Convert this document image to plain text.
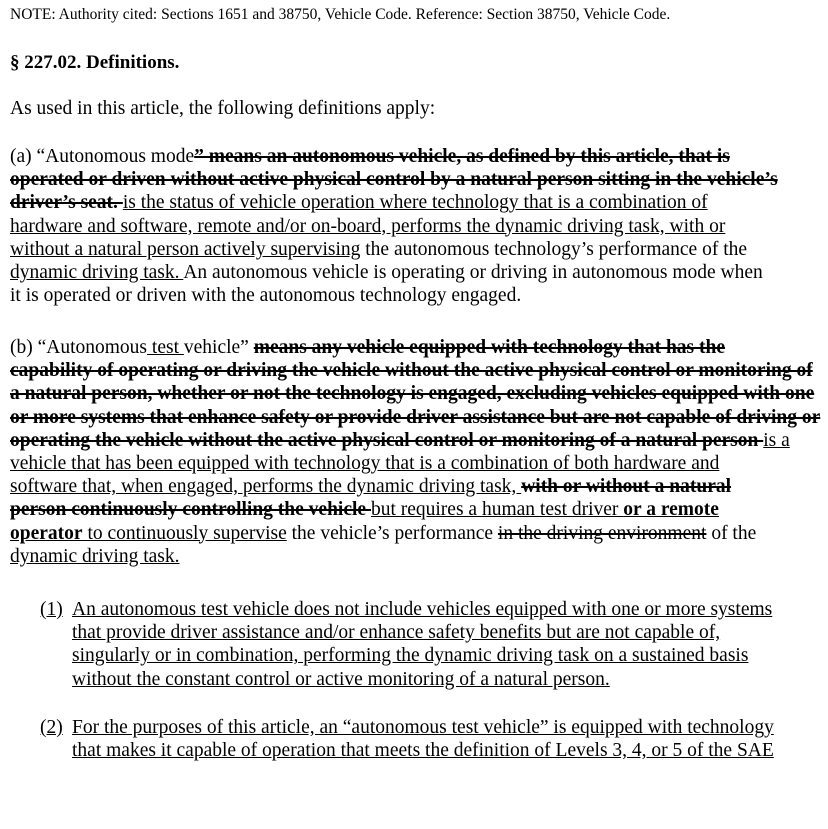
NOTE: Authority cited: Sections 1651 and 38750, Vehicle Code. Reference: Section 38750, Vehicle Code.
§ 227.02. Definitions.
As used in this article, the following definitions apply:
(a) “Autonomous mode” means an autonomous vehicle, as defined by this article, that is
operated or driven without active physical control by a natural person sitting in the vehicle’s
driver’s seat. is the status of vehicle operation where technology that is a combination of
hardware and software, remote and/or on-board, performs the dynamic driving task, with or
without a natural person actively supervising the autonomous technology’s performance of the
dynamic driving task. An autonomous vehicle is operating or driving in autonomous mode when
it is operated or driven with the autonomous technology engaged.
(b) “Autonomous test vehicle” means any vehicle equipped with technology that has the
capability of operating or driving the vehicle without the active physical control or monitoring of
a natural person, whether or not the technology is engaged, excluding vehicles equipped with one
or more systems that enhance safety or provide driver assistance but are not capable of driving or
operating the vehicle without the active physical control or monitoring of a natural person is a
vehicle that has been equipped with technology that is a combination of both hardware and
software that, when engaged, performs the dynamic driving task, with or without a natural
person continuously controlling the vehicle but requires a human test driver or a remote
operator to continuously supervise the vehicle’s performance in the driving environment of the
dynamic driving task.
(1) An autonomous test vehicle does not include vehicles equipped with one or more systems
that provide driver assistance and/or enhance safety benefits but are not capable of,
singularly or in combination, performing the dynamic driving task on a sustained basis
without the constant control or active monitoring of a natural person.
(2) For the purposes of this article, an “autonomous test vehicle” is equipped with technology
that makes it capable of operation that meets the definition of Levels 3, 4, or 5 of the SAE
